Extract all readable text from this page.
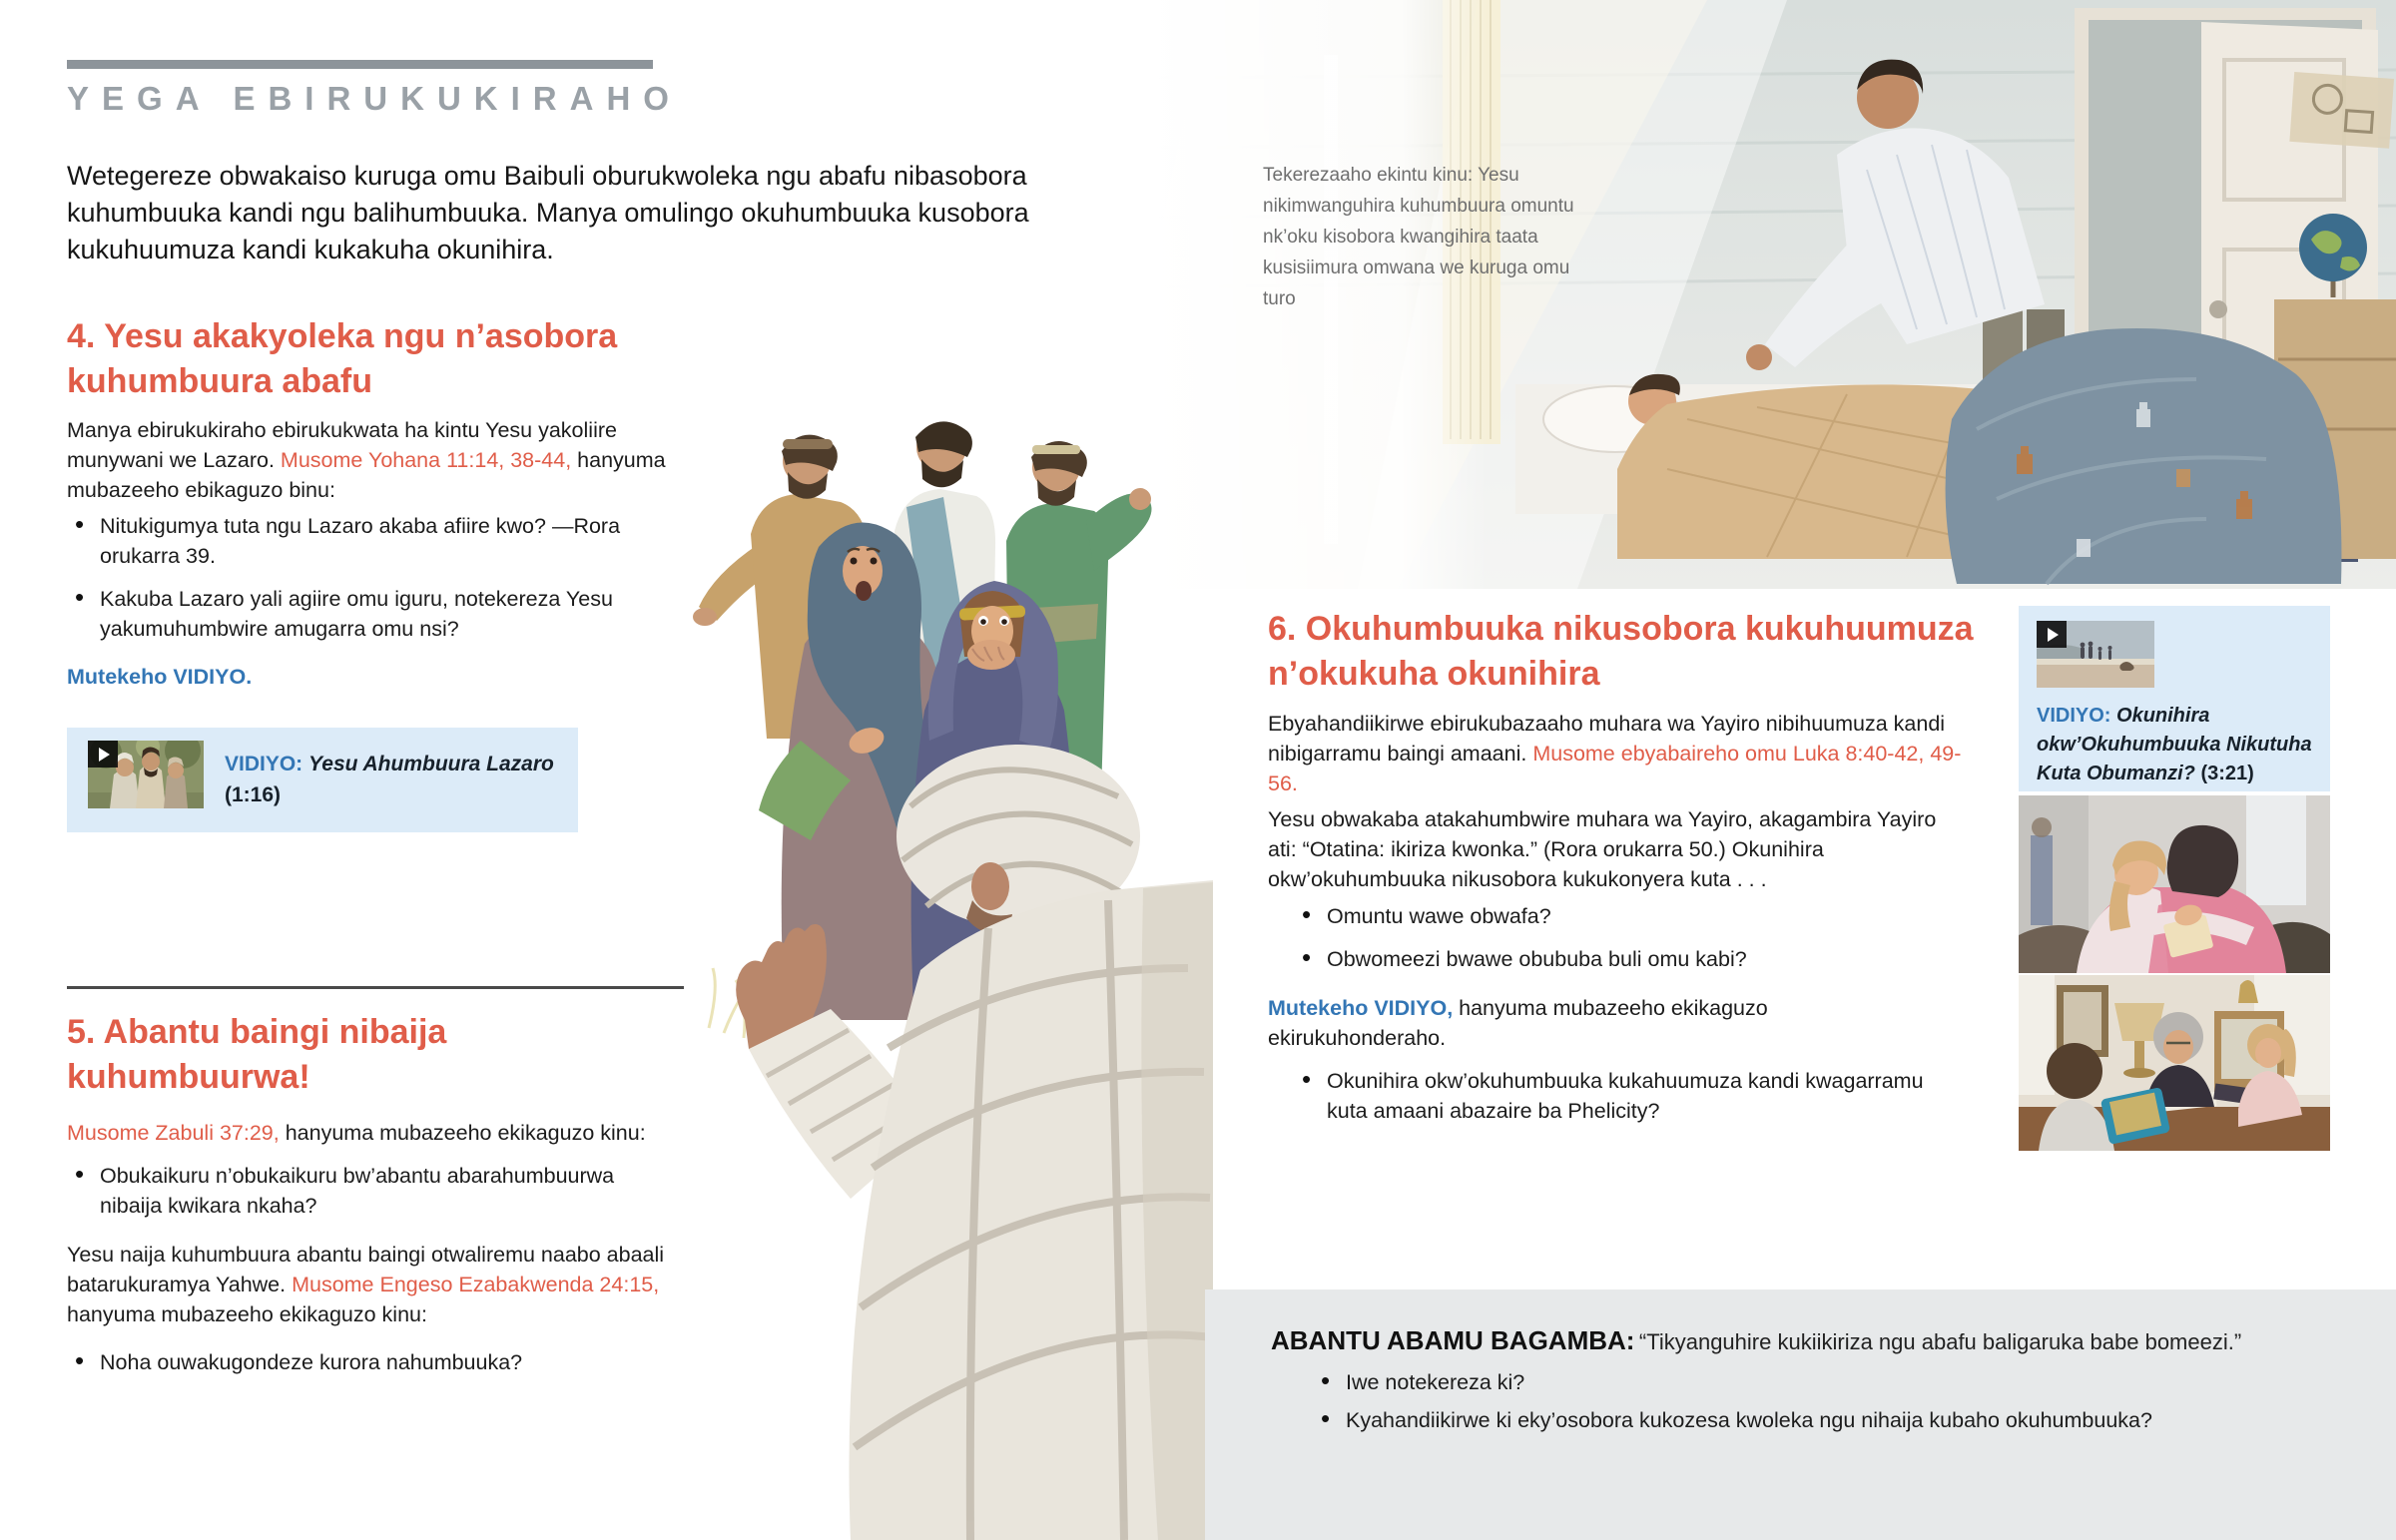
Tekerezaaho ekintu kinu: Yesu nikimwanguhira kuhumbuura omuntu nk’oku kisobora kwangihira taata kusisiimura omwana we kuruga omu turo
YEGA EBIRUKUKIRAHO
Wetegereze obwakaiso kuruga omu Baibuli oburukwoleka ngu abafu nibasobora kuhumbuuka kandi ngu balihumbuuka. Manya omulingo okuhumbuuka kusobora kukuhuumuza kandi kukakuha okunihira.
4. Yesu akakyoleka ngu n’asobora kuhumbuura abafu
Manya ebirukukiraho ebirukukwata ha kintu Yesu yakoliire munywani we Lazaro. Musome Yohana 11:14, 38-44, hanyuma mubazeeho ebikaguzo binu:
• Nitukigumya tuta ngu Lazaro akaba afiire kwo? —Rora orukarra 39.
• Kakuba Lazaro yali agiire omu iguru, notekereza Yesu yakumuhumbwire amugarra omu nsi?
Mutekeho VIDIYO.
VIDIYO: Yesu Ahumbuura Lazaro (1:16)
5. Abantu baingi nibaija kuhumbuurwa!
Musome Zabuli 37:29, hanyuma mubazeeho ekikaguzo kinu:
• Obukaikuru n’obukaikuru bw’abantu abarahumbuurwa nibaija kwikara nkaha?
Yesu naija kuhumbuura abantu baingi otwaliremu naabo abaali batarukuramya Yahwe. Musome Engeso Ezabakwenda 24:15, hanyuma mubazeeho ekikaguzo kinu:
• Noha ouwakugondeze kurora nahumbuuka?
6. Okuhumbuuka nikusobora kukuhuumuza n’okukuha okunihira
Ebyahandiikirwe ebirukubazaaho muhara wa Yayiro nibihuumuza kandi nibigarramu baingi amaani. Musome ebyabaireho omu Luka 8:40-42, 49-56.
Yesu obwakaba atakahumbwire muhara wa Yayiro, akagambira Yayiro ati: “Otatina: ikiriza kwonka.” (Rora orukarra 50.) Okunihira okw’okuhumbuuka nikusobora kukukonyera kuta . . .
• Omuntu wawe obwafa?
• Obwomeezi bwawe obububa buli omu kabi?
Mutekeho VIDIYO, hanyuma mubazeeho ekikaguzo ekirukuhonderaho.
• Okunihira okw’okuhumbuuka kukahuumuza kandi kwagarramu kuta amaani abazaire ba Phelicity?
VIDIYO: Okunihira okw’Okuhumbuuka Nikutuha Kuta Obumanzi? (3:21)
ABANTU ABAMU BAGAMBA: “Tikyanguhire kukiikiriza ngu abafu baligaruka babe bomeezi.”
• Iwe notekereza ki?
• Kyahandiikirwe ki eky’osobora kukozesa kwoleka ngu nihaija kubaho okuhumbuuka?
